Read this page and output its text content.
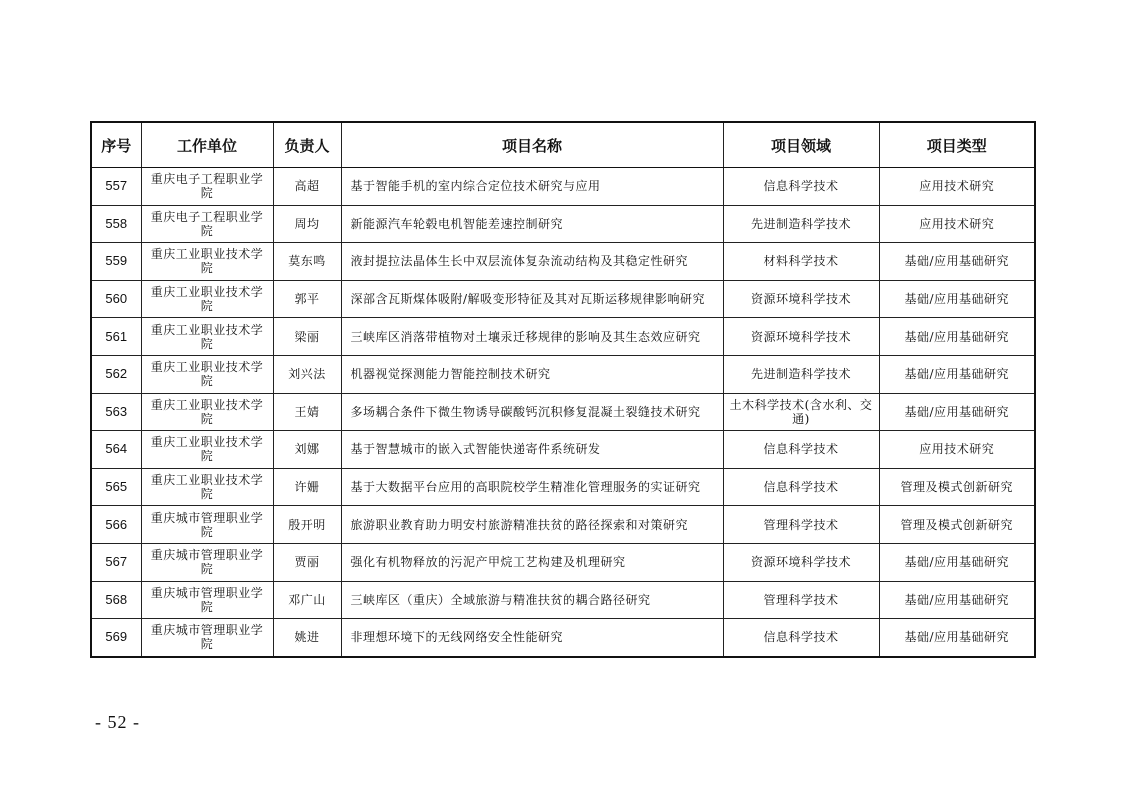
序号	工作单位	负责人	项目名称	项目领域	项目类型
557	重庆电子工程职业学院	高超	基于智能手机的室内综合定位技术研究与应用	信息科学技术	应用技术研究
558	重庆电子工程职业学院	周均	新能源汽车轮毂电机智能差速控制研究	先进制造科学技术	应用技术研究
559	重庆工业职业技术学院	莫东鸣	液封提拉法晶体生长中双层流体复杂流动结构及其稳定性研究	材料科学技术	基础/应用基础研究
560	重庆工业职业技术学院	郭平	深部含瓦斯煤体吸附/解吸变形特征及其对瓦斯运移规律影响研究	资源环境科学技术	基础/应用基础研究
561	重庆工业职业技术学院	梁丽	三峡库区消落带植物对土壤汞迁移规律的影响及其生态效应研究	资源环境科学技术	基础/应用基础研究
562	重庆工业职业技术学院	刘兴法	机器视觉探测能力智能控制技术研究	先进制造科学技术	基础/应用基础研究
563	重庆工业职业技术学院	王婧	多场耦合条件下微生物诱导碳酸钙沉积修复混凝土裂缝技术研究	土木科学技术(含水利、交通)	基础/应用基础研究
564	重庆工业职业技术学院	刘娜	基于智慧城市的嵌入式智能快递寄件系统研发	信息科学技术	应用技术研究
565	重庆工业职业技术学院	许姗	基于大数据平台应用的高职院校学生精准化管理服务的实证研究	信息科学技术	管理及模式创新研究
566	重庆城市管理职业学院	殷开明	旅游职业教育助力明安村旅游精准扶贫的路径探索和对策研究	管理科学技术	管理及模式创新研究
567	重庆城市管理职业学院	贾丽	强化有机物释放的污泥产甲烷工艺构建及机理研究	资源环境科学技术	基础/应用基础研究
568	重庆城市管理职业学院	邓广山	三峡库区（重庆）全域旅游与精准扶贫的耦合路径研究	管理科学技术	基础/应用基础研究
569	重庆城市管理职业学院	姚进	非理想环境下的无线网络安全性能研究	信息科学技术	基础/应用基础研究
- 52 -
